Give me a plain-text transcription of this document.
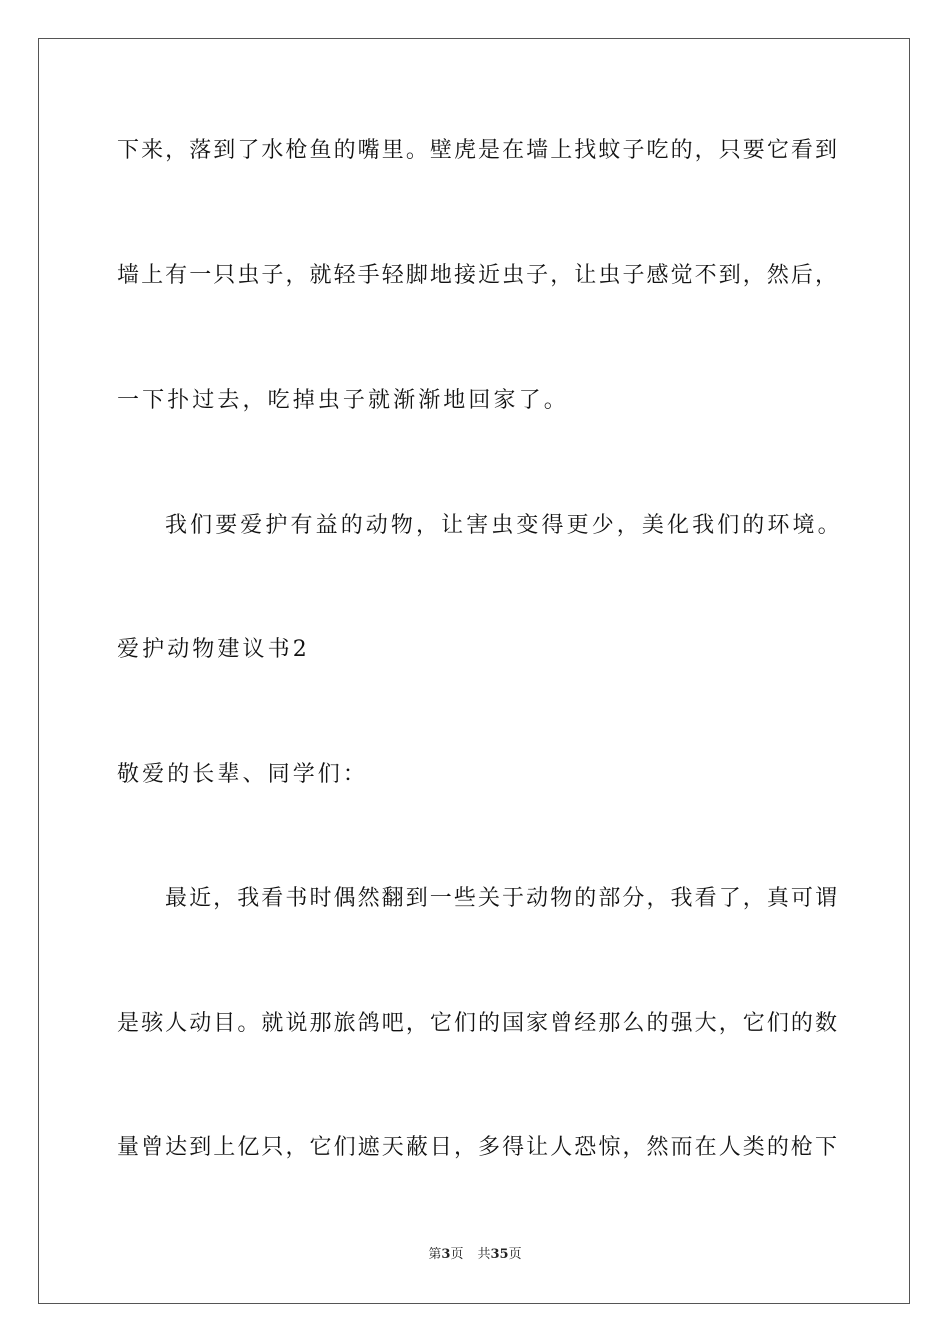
下来，落到了水枪鱼的嘴里。壁虎是在墙上找蚊子吃的，只要它看到
墙上有一只虫子，就轻手轻脚地接近虫子，让虫子感觉不到，然后，
一下扑过去，吃掉虫子就渐渐地回家了。
我们要爱护有益的动物，让害虫变得更少，美化我们的环境。
爱护动物建议书2
敬爱的长辈、同学们：
最近，我看书时偶然翻到一些关于动物的部分，我看了，真可谓
是骇人动目。就说那旅鸽吧，它们的国家曾经那么的强大，它们的数
量曾达到上亿只，它们遮天蔽日，多得让人恐惊，然而在人类的枪下
第3页 共35页
